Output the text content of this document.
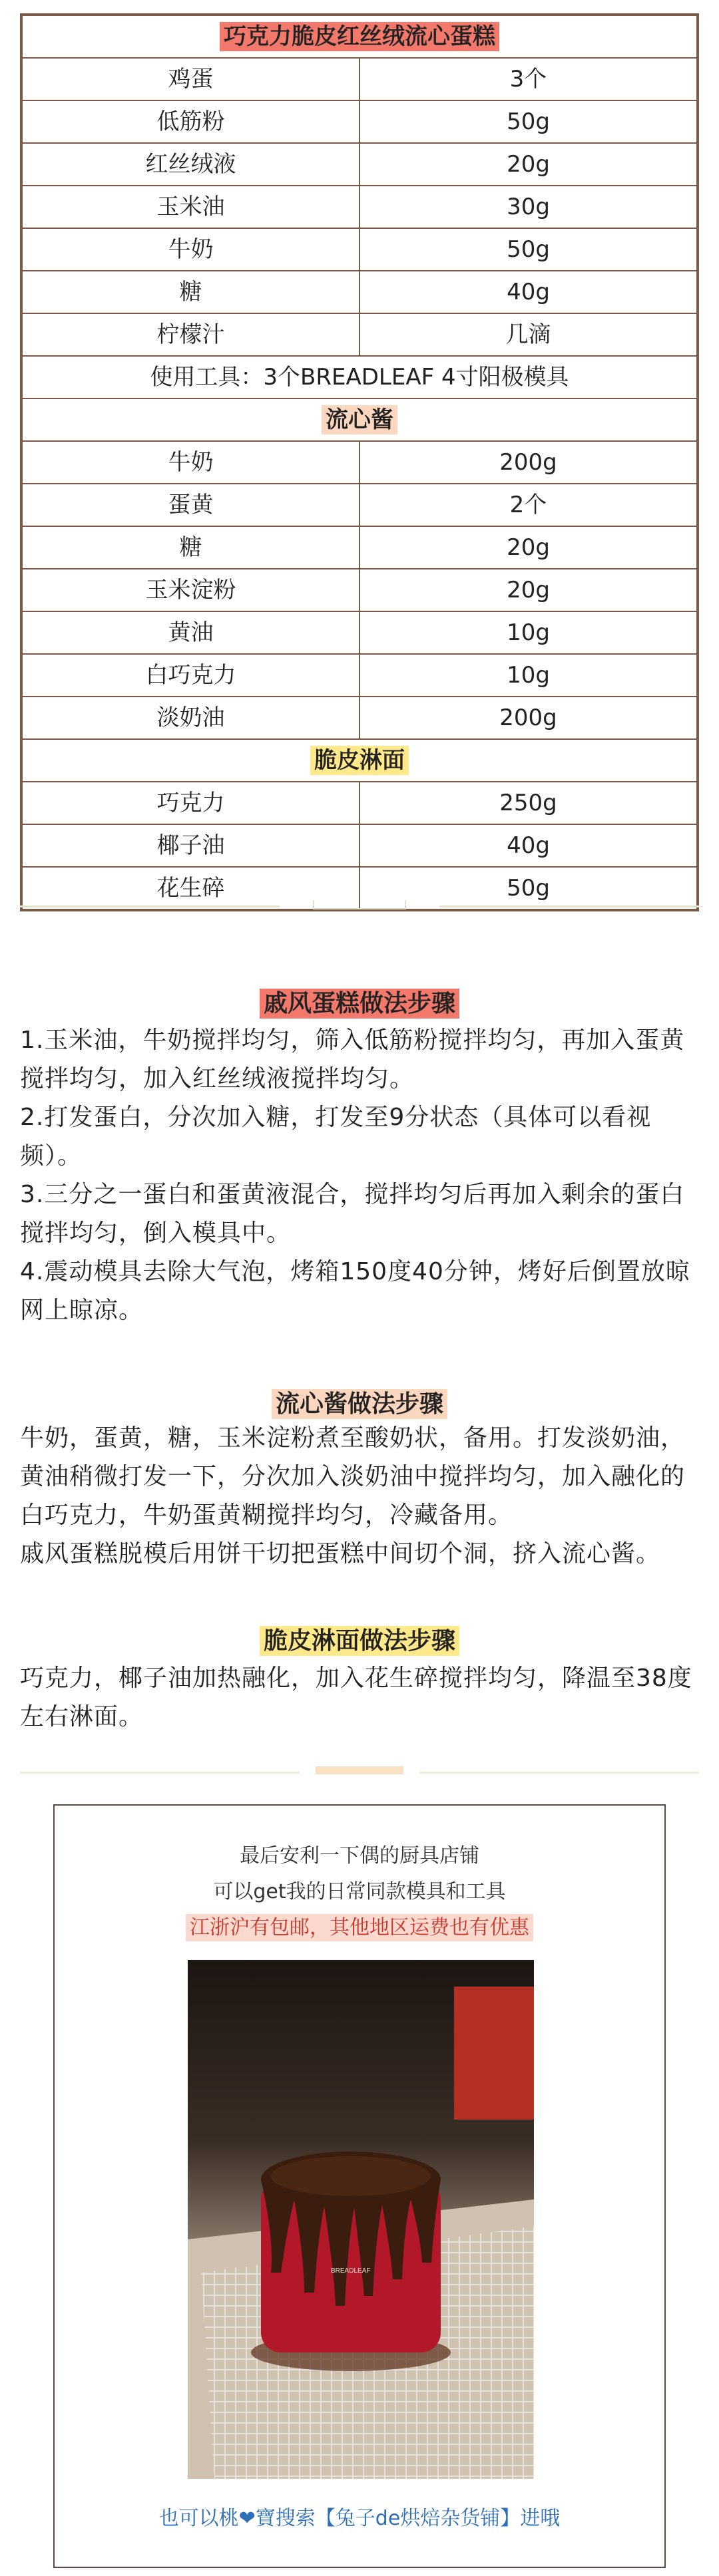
巧克力脆皮红丝绒流心蛋糕	
鸡蛋	3个
低筋粉	50g
红丝绒液	20g
玉米油	30g
牛奶	50g
糖	40g
柠檬汁	几滴
使用工具：3个BREADLEAF 4寸阳极模具	
流心酱	
牛奶	200g
蛋黄	2个
糖	20g
玉米淀粉	20g
黄油	10g
白巧克力	10g
淡奶油	200g
脆皮淋面	
巧克力	250g
椰子油	40g
花生碎	50g
戚风蛋糕做法步骤

1.玉米油，牛奶搅拌均匀，筛入低筋粉搅拌均匀，再加入蛋黄搅拌均匀，加入红丝绒液搅拌均匀。

2.打发蛋白，分次加入糖，打发至9分状态（具体可以看视频）。

3.三分之一蛋白和蛋黄液混合，搅拌均匀后再加入剩余的蛋白搅拌均匀，倒入模具中。

4.震动模具去除大气泡，烤箱150度40分钟，烤好后倒置放晾网上晾凉。

流心酱做法步骤

牛奶，蛋黄，糖，玉米淀粉煮至酸奶状，备用。打发淡奶油，黄油稍微打发一下，分次加入淡奶油中搅拌均匀，加入融化的白巧克力，牛奶蛋黄糊搅拌均匀，冷藏备用。

戚风蛋糕脱模后用饼干切把蛋糕中间切个洞，挤入流心酱。

脆皮淋面做法步骤

巧克力，椰子油加热融化，加入花生碎搅拌均匀，降温至38度左右淋面。

最后安利一下偶的厨具店铺
可以get我的日常同款模具和工具
江浙沪有包邮，其他地区运费也有优惠
BREADLEAF
也可以桃❤寶搜索【兔子de烘焙杂货铺】进哦
